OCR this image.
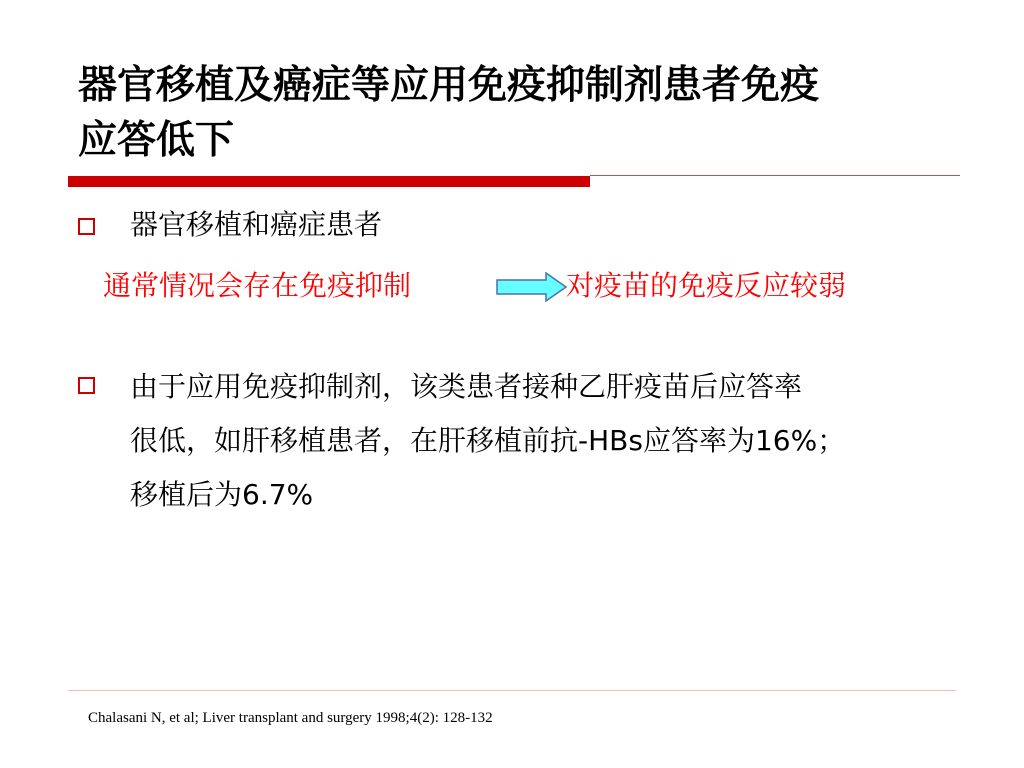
器官移植及癌症等应用免疫抑制剂患者免疫
应答低下
器官移植和癌症患者
通常情况会存在免疫抑制	对疫苗的免疫反应较弱
由于应用免疫抑制剂，该类患者接种乙肝疫苗后应答率
很低，如肝移植患者，在肝移植前抗-HBs应答率为16%；
移植后为6.7%
Chalasani N, et al; Liver transplant and surgery 1998;4(2): 128-132
